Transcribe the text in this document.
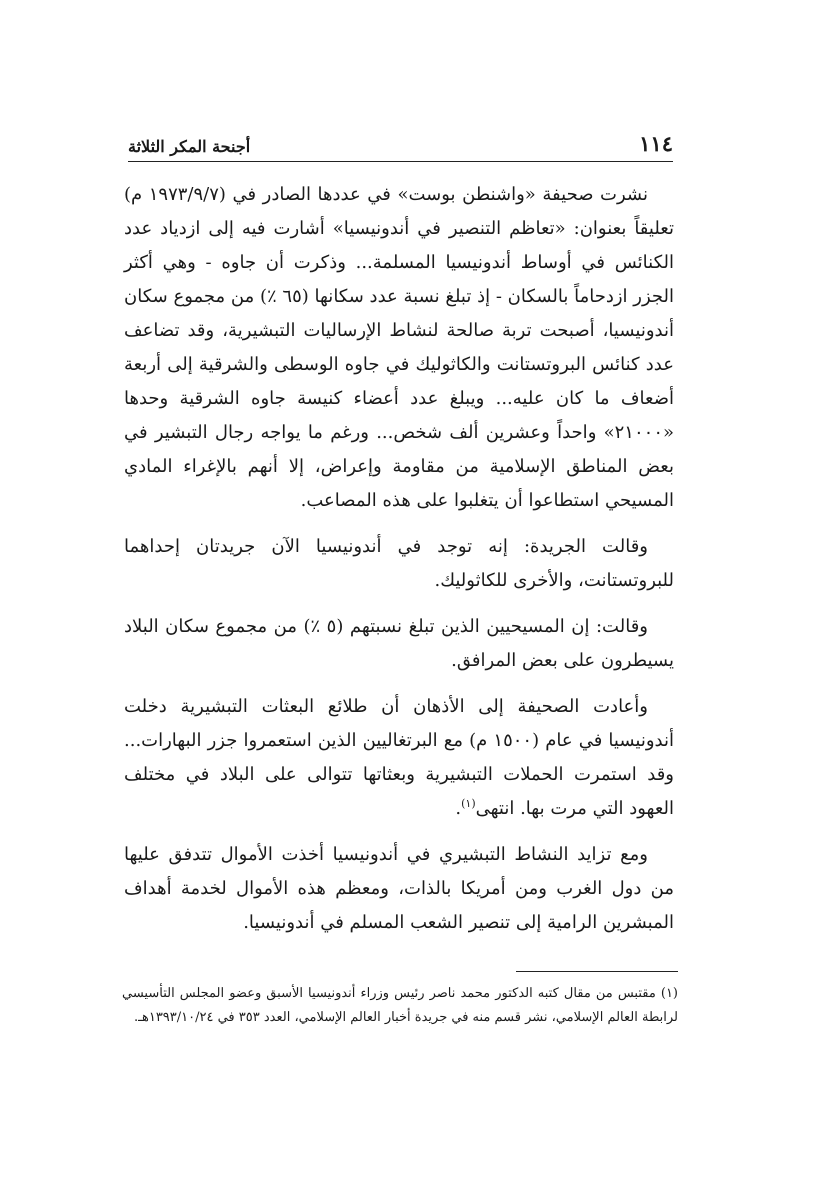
١١٤
أجنحة المكر الثلاثة

نشرت صحيفة «واشنطن بوست» في عددها الصادر في (١٩٧٣/٩/٧ م) تعليقاً بعنوان: «تعاظم التنصير في أندونيسيا» أشارت فيه إلى ازدياد عدد الكنائس في أوساط أندونيسيا المسلمة... وذكرت أن جاوه - وهي أكثر الجزر ازدحاماً بالسكان - إذ تبلغ نسبة عدد سكانها (٦٥ ٪) من مجموع سكان أندونيسيا، أصبحت تربة صالحة لنشاط الإرساليات التبشيرية، وقد تضاعف عدد كنائس البروتستانت والكاثوليك في جاوه الوسطى والشرقية إلى أربعة أضعاف ما كان عليه... ويبلغ عدد أعضاء كنيسة جاوه الشرقية وحدها «٢١٠٠٠» واحداً وعشرين ألف شخص... ورغم ما يواجه رجال التبشير في بعض المناطق الإسلامية من مقاومة وإعراض، إلا أنهم بالإغراء المادي المسيحي استطاعوا أن يتغلبوا على هذه المصاعب.

وقالت الجريدة: إنه توجد في أندونيسيا الآن جريدتان إحداهما للبروتستانت، والأخرى للكاثوليك.

وقالت: إن المسيحيين الذين تبلغ نسبتهم (٥ ٪) من مجموع سكان البلاد يسيطرون على بعض المرافق.

وأعادت الصحيفة إلى الأذهان أن طلائع البعثات التبشيرية دخلت أندونيسيا في عام (١٥٠٠ م) مع البرتغاليين الذين استعمروا جزر البهارات... وقد استمرت الحملات التبشيرية وبعثاتها تتوالى على البلاد في مختلف العهود التي مرت بها. انتهى$^{(١)}$.

ومع تزايد النشاط التبشيري في أندونيسيا أخذت الأموال تتدفق عليها من دول الغرب ومن أمريكا بالذات، ومعظم هذه الأموال لخدمة أهداف المبشرين الرامية إلى تنصير الشعب المسلم في أندونيسيا.

(١) مقتبس من مقال كتبه الدكتور محمد ناصر رئيس وزراء أندونيسيا الأسبق وعضو المجلس التأسيسي لرابطة العالم الإسلامي، نشر قسم منه في جريدة أخبار العالم الإسلامي، العدد ٣٥٣ في ١٣٩٣/١٠/٢٤هـ.
